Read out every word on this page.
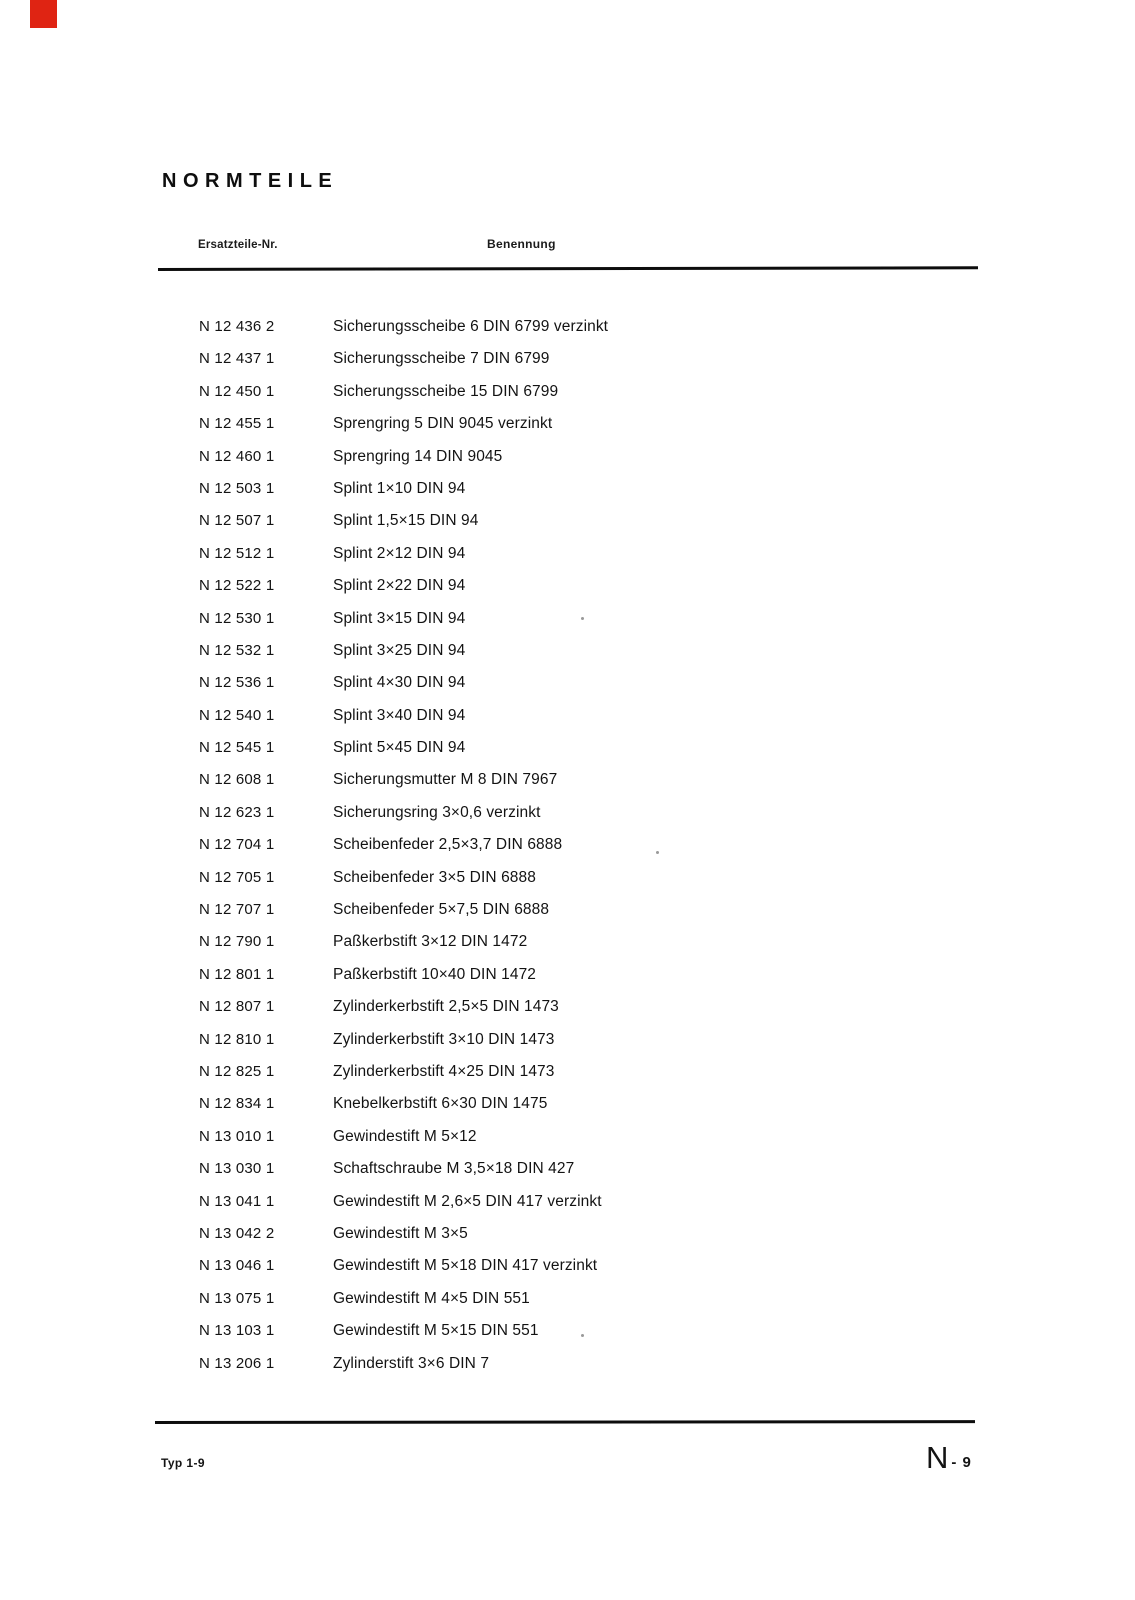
NORMTEILE
Ersatzteile-Nr.	Benennung
N 12 436 2	Sicherungsscheibe 6 DIN 6799 verzinkt
N 12 437 1	Sicherungsscheibe 7 DIN 6799
N 12 450 1	Sicherungsscheibe 15 DIN 6799
N 12 455 1	Sprengring 5 DIN 9045 verzinkt
N 12 460 1	Sprengring 14 DIN 9045
N 12 503 1	Splint 1×10 DIN 94
N 12 507 1	Splint 1,5×15 DIN 94
N 12 512 1	Splint 2×12 DIN 94
N 12 522 1	Splint 2×22 DIN 94
N 12 530 1	Splint 3×15 DIN 94
N 12 532 1	Splint 3×25 DIN 94
N 12 536 1	Splint 4×30 DIN 94
N 12 540 1	Splint 3×40 DIN 94
N 12 545 1	Splint 5×45 DIN 94
N 12 608 1	Sicherungsmutter M 8 DIN 7967
N 12 623 1	Sicherungsring 3×0,6 verzinkt
N 12 704 1	Scheibenfeder 2,5×3,7 DIN 6888
N 12 705 1	Scheibenfeder 3×5 DIN 6888
N 12 707 1	Scheibenfeder 5×7,5 DIN 6888
N 12 790 1	Paßkerbstift 3×12 DIN 1472
N 12 801 1	Paßkerbstift 10×40 DIN 1472
N 12 807 1	Zylinderkerbstift 2,5×5 DIN 1473
N 12 810 1	Zylinderkerbstift 3×10 DIN 1473
N 12 825 1	Zylinderkerbstift 4×25 DIN 1473
N 12 834 1	Knebelkerbstift 6×30 DIN 1475
N 13 010 1	Gewindestift M 5×12
N 13 030 1	Schaftschraube M 3,5×18 DIN 427
N 13 041 1	Gewindestift M 2,6×5 DIN 417 verzinkt
N 13 042 2	Gewindestift M 3×5
N 13 046 1	Gewindestift M 5×18 DIN 417 verzinkt
N 13 075 1	Gewindestift M 4×5 DIN 551
N 13 103 1	Gewindestift M 5×15 DIN 551
N 13 206 1	Zylinderstift 3×6 DIN 7
Typ 1-9	N - 9
